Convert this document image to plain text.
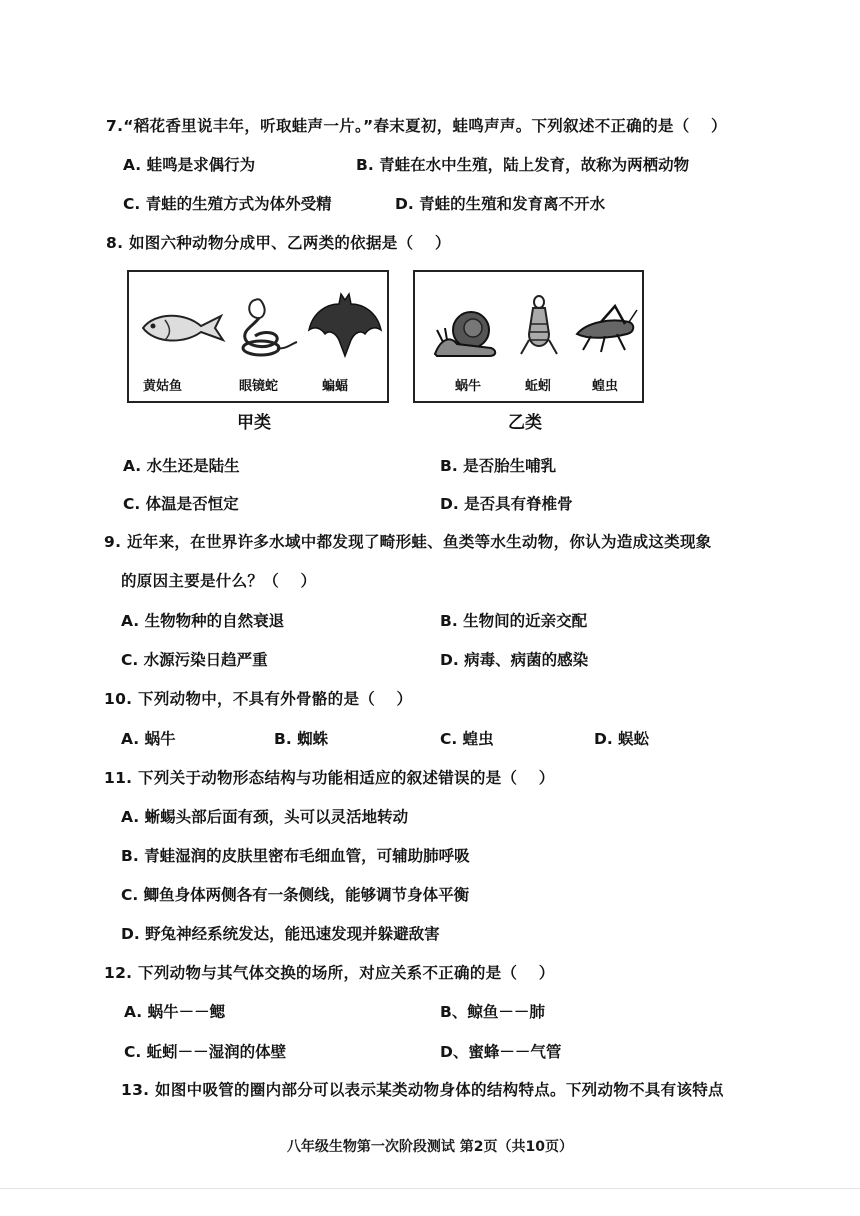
7.“稻花香里说丰年，听取蛙声一片。”春末夏初，蛙鸣声声。下列叙述不正确的是（　 ）
A. 蛙鸣是求偶行为	B. 青蛙在水中生殖，陆上发育，故称为两栖动物
C. 青蛙的生殖方式为体外受精	D. 青蛙的生殖和发育离不开水
8. 如图六种动物分成甲、乙两类的依据是（　 ）
黄姑鱼	眼镜蛇	蝙蝠	蜗牛	蚯蚓	蝗虫
甲类	乙类
A. 水生还是陆生	B. 是否胎生哺乳
C. 体温是否恒定	D. 是否具有脊椎骨
9. 近年来，在世界许多水域中都发现了畸形蛙、鱼类等水生动物，你认为造成这类现象
的原因主要是什么？（　 ）
A. 生物物种的自然衰退	B. 生物间的近亲交配
C. 水源污染日趋严重	D. 病毒、病菌的感染
10. 下列动物中，不具有外骨骼的是（　 ）
A. 蜗牛	B. 蜘蛛	C. 蝗虫	D. 蜈蚣
11. 下列关于动物形态结构与功能相适应的叙述错误的是（　 ）
A. 蜥蜴头部后面有颈，头可以灵活地转动
B. 青蛙湿润的皮肤里密布毛细血管，可辅助肺呼吸
C. 鲫鱼身体两侧各有一条侧线，能够调节身体平衡
D. 野兔神经系统发达，能迅速发现并躲避敌害
12. 下列动物与其气体交换的场所，对应关系不正确的是（　 ）
A. 蜗牛－－鳃	B、鲸鱼－－肺
C. 蚯蚓－－湿润的体壁	D、蜜蜂－－气管
13. 如图中吸管的圈内部分可以表示某类动物身体的结构特点。下列动物不具有该特点
八年级生物第一次阶段测试 第2页（共10页）
